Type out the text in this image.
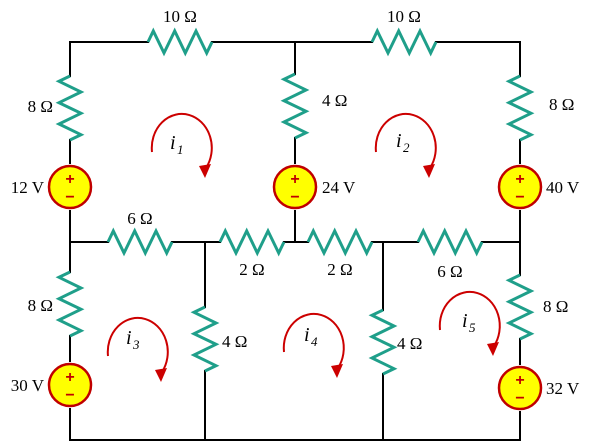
10 Ω	10 Ω
8 Ω	4 Ω	8 Ω
6 Ω
2 Ω	2 Ω	6 Ω
8 Ω
4 Ω	4 Ω
8 Ω
+
−
12 V	+
−
24 V	+
−
40 V
+
−
30 V	+
−
32 V
i 1	i 2
i 3	i 4
i 5
